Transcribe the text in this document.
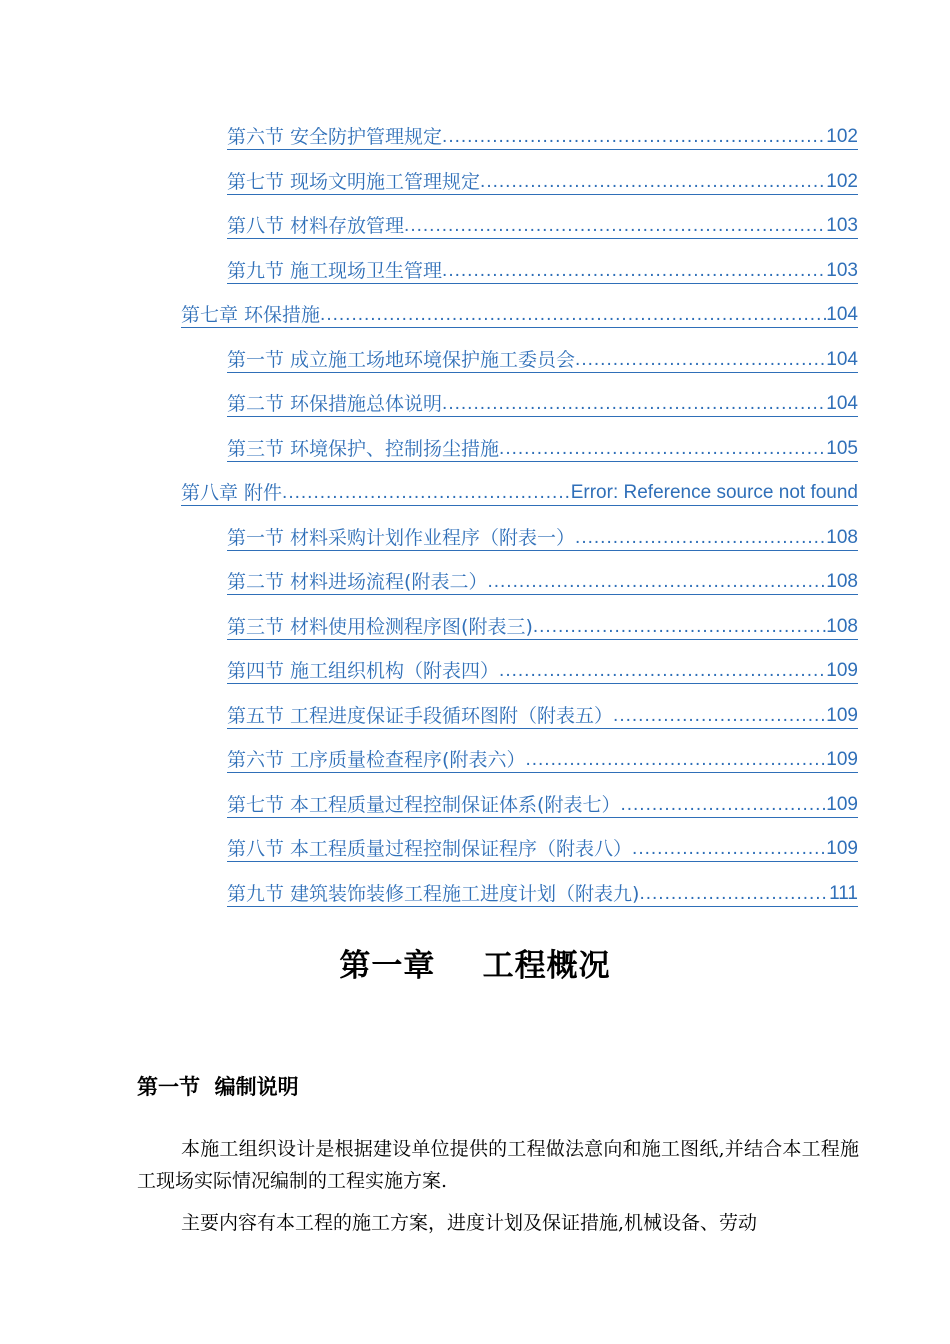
第六节 安全防护管理规定 .....	102
第七节 现场文明施工管理规定 .....	102
第八节 材料存放管理 .....	103
第九节 施工现场卫生管理 .....	103
第七章 环保措施 .....	104
第一节 成立施工场地环境保护施工委员会 .....	104
第二节 环保措施总体说明 .....	104
第三节 环境保护、控制扬尘措施 .....	105
第八章 附件 .....	Error: Reference source not found
第一节 材料采购计划作业程序（附表一） .....	108
第二节 材料进场流程(附表二） .....	108
第三节 材料使用检测程序图(附表三) .....	108
第四节 施工组织机构（附表四） .....	109
第五节 工程进度保证手段循环图附（附表五） .....	109
第六节 工序质量检查程序(附表六） .....	109
第七节 本工程质量过程控制保证体系(附表七） .....	109
第八节 本工程质量过程控制保证程序（附表八） .....	109
第九节 建筑装饰装修工程施工进度计划（附表九) .....	111
第一章    工程概况
第一节  编制说明
本施工组织设计是根据建设单位提供的工程做法意向和施工图纸,并结合本工程施工现场实际情况编制的工程实施方案.
主要内容有本工程的施工方案，进度计划及保证措施,机械设备、劳动
